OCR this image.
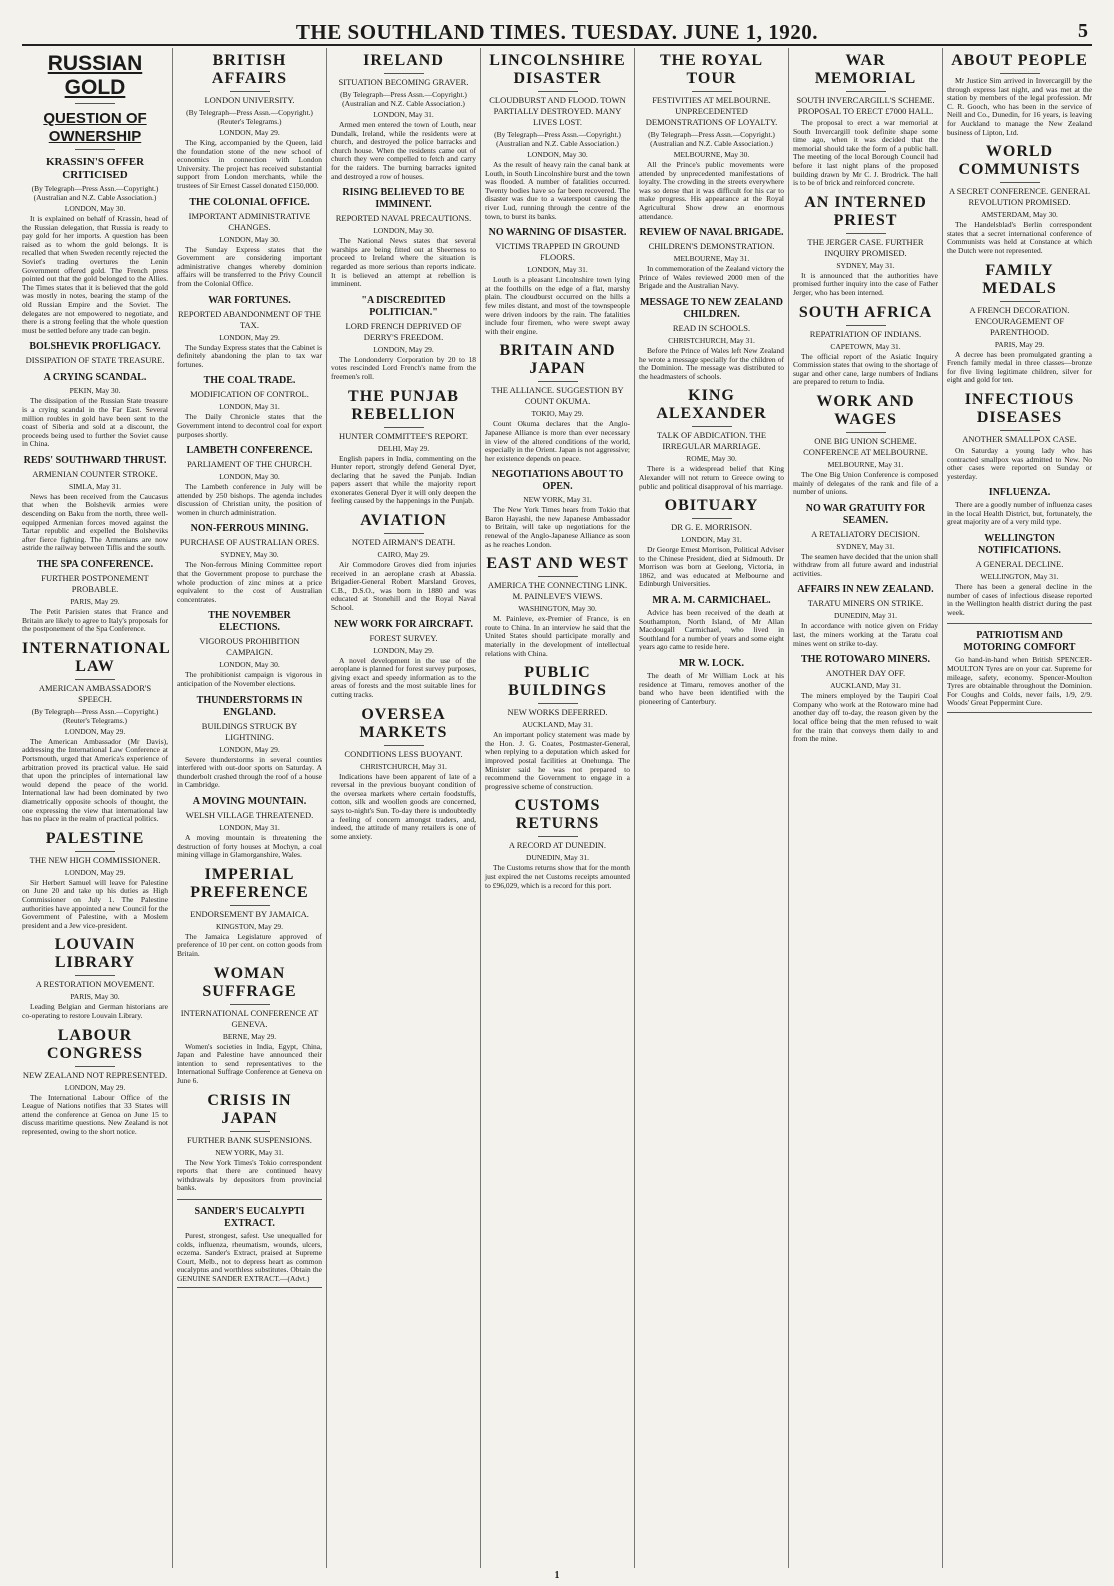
THE SOUTHLAND TIMES. TUESDAY. JUNE 1, 1920.	5
RUSSIAN GOLD
QUESTION OF OWNERSHIP
KRASSIN'S OFFER CRITICISED
(By Telegraph—Press Assn.—Copyright.) (Australian and N.Z. Cable Association.)
LONDON, May 30.
It is explained on behalf of Krassin, head of the Russian delegation, that Russia is ready to pay gold for her imports. A question has been raised as to whom the gold belongs. It is recalled that when Sweden recently rejected the Soviet's trading overtures the Lenin Government offered gold. The French press pointed out that the gold belonged to the Allies. The Times states that it is believed that the gold was mostly in notes, bearing the stamp of the old Russian Empire and the Soviet. The delegates are not empowered to negotiate, and there is a strong feeling that the whole question must be settled before any trade can begin.
BOLSHEVIK PROFLIGACY.
DISSIPATION OF STATE TREASURE.
A CRYING SCANDAL.
PEKIN, May 30.
The dissipation of the Russian State treasure is a crying scandal in the Far East. Several million roubles in gold have been sent to the coast of Siberia and sold at a discount, the proceeds being used to further the Soviet cause in China.
REDS' SOUTHWARD THRUST.
ARMENIAN COUNTER STROKE.
SIMLA, May 31.
News has been received from the Caucasus that when the Bolshevik armies were descending on Baku from the north, three well-equipped Armenian forces moved against the Tartar republic and expelled the Bolsheviks after fierce fighting. The Armenians are now astride the railway between Tiflis and the south.
THE SPA CONFERENCE.
FURTHER POSTPONEMENT PROBABLE.
PARIS, May 29.
The Petit Parisien states that France and Britain are likely to agree to Italy's proposals for the postponement of the Spa Conference.
INTERNATIONAL LAW
AMERICAN AMBASSADOR'S SPEECH.
(By Telegraph—Press Assn.—Copyright.) (Reuter's Telegrams.)
LONDON, May 29.
The American Ambassador (Mr Davis), addressing the International Law Conference at Portsmouth, urged that America's experience of arbitration proved its practical value. He said that upon the principles of international law would depend the peace of the world. International law had been dominated by two diametrically opposite schools of thought, the one expressing the view that international law has no place in the realm of practical politics.
PALESTINE
THE NEW HIGH COMMISSIONER.
LONDON, May 29.
Sir Herbert Samuel will leave for Palestine on June 20 and take up his duties as High Commissioner on July 1. The Palestine authorities have appointed a new Council for the Government of Palestine, with a Moslem president and a Jew vice-president.
LOUVAIN LIBRARY
A RESTORATION MOVEMENT.
PARIS, May 30.
Leading Belgian and German historians are co-operating to restore Louvain Library.
LABOUR CONGRESS
NEW ZEALAND NOT REPRESENTED.
LONDON, May 29.
The International Labour Office of the League of Nations notifies that 33 States will attend the conference at Genoa on June 15 to discuss maritime questions. New Zealand is not represented, owing to the short notice.
BRITISH AFFAIRS
LONDON UNIVERSITY.
(By Telegraph—Press Assn.—Copyright.) (Reuter's Telegrams.)
LONDON, May 29.
The King, accompanied by the Queen, laid the foundation stone of the new school of economics in connection with London University. The project has received substantial support from London merchants, while the trustees of Sir Ernest Cassel donated £150,000.
THE COLONIAL OFFICE.
IMPORTANT ADMINISTRATIVE CHANGES.
LONDON, May 30.
The Sunday Express states that the Government are considering important administrative changes whereby dominion affairs will be transferred to the Privy Council from the Colonial Office.
WAR FORTUNES.
REPORTED ABANDONMENT OF THE TAX.
LONDON, May 29.
The Sunday Express states that the Cabinet is definitely abandoning the plan to tax war fortunes.
THE COAL TRADE.
MODIFICATION OF CONTROL.
LONDON, May 31.
The Daily Chronicle states that the Government intend to decontrol coal for export purposes shortly.
LAMBETH CONFERENCE.
PARLIAMENT OF THE CHURCH.
LONDON, May 30.
The Lambeth conference in July will be attended by 250 bishops. The agenda includes discussion of Christian unity, the position of women in church administration.
NON-FERROUS MINING.
PURCHASE OF AUSTRALIAN ORES.
SYDNEY, May 30.
The Non-ferrous Mining Committee report that the Government propose to purchase the whole production of zinc mines at a price equivalent to the cost of Australian concentrates.
THE NOVEMBER ELECTIONS.
VIGOROUS PROHIBITION CAMPAIGN.
LONDON, May 30.
The prohibitionist campaign is vigorous in anticipation of the November elections.
THUNDERSTORMS IN ENGLAND.
BUILDINGS STRUCK BY LIGHTNING.
LONDON, May 29.
Severe thunderstorms in several counties interfered with out-door sports on Saturday. A thunderbolt crashed through the roof of a house in Cambridge.
A MOVING MOUNTAIN.
WELSH VILLAGE THREATENED.
LONDON, May 31.
A moving mountain is threatening the destruction of forty houses at Mochyn, a coal mining village in Glamorganshire, Wales.
IMPERIAL PREFERENCE
ENDORSEMENT BY JAMAICA.
KINGSTON, May 29.
The Jamaica Legislature approved of preference of 10 per cent. on cotton goods from Britain.
WOMAN SUFFRAGE
INTERNATIONAL CONFERENCE AT GENEVA.
BERNE, May 29.
Women's societies in India, Egypt, China, Japan and Palestine have announced their intention to send representatives to the International Suffrage Conference at Geneva on June 6.
CRISIS IN JAPAN
FURTHER BANK SUSPENSIONS.
NEW YORK, May 31.
The New York Times's Tokio correspondent reports that there are continued heavy withdrawals by depositors from provincial banks.
SANDER'S EUCALYPTI EXTRACT.
Purest, strongest, safest. Use unequalled for colds, influenza, rheumatism, wounds, ulcers, eczema. Sander's Extract, praised at Supreme Court, Melb., not to depress heart as common eucalyptus and worthless substitutes. Obtain the GENUINE SANDER EXTRACT.—(Advt.)
IRELAND
SITUATION BECOMING GRAVER.
(By Telegraph—Press Assn.—Copyright.) (Australian and N.Z. Cable Association.)
LONDON, May 31.
Armed men entered the town of Louth, near Dundalk, Ireland, while the residents were at church, and destroyed the police barracks and church house. When the residents came out of church they were compelled to fetch and carry for the raiders. The burning barracks ignited and destroyed a row of houses.
RISING BELIEVED TO BE IMMINENT.
REPORTED NAVAL PRECAUTIONS.
LONDON, May 30.
The National News states that several warships are being fitted out at Sheerness to proceed to Ireland where the situation is regarded as more serious than reports indicate. It is believed an attempt at rebellion is imminent.
"A DISCREDITED POLITICIAN."
LORD FRENCH DEPRIVED OF DERRY'S FREEDOM.
LONDON, May 29.
The Londonderry Corporation by 20 to 18 votes rescinded Lord French's name from the freemen's roll.
THE PUNJAB REBELLION
HUNTER COMMITTEE'S REPORT.
DELHI, May 29.
English papers in India, commenting on the Hunter report, strongly defend General Dyer, declaring that he saved the Punjab. Indian papers assert that while the majority report exonerates General Dyer it will only deepen the feeling caused by the happenings in the Punjab.
AVIATION
NOTED AIRMAN'S DEATH.
CAIRO, May 29.
Air Commodore Groves died from injuries received in an aeroplane crash at Abassia. Brigadier-General Robert Marsland Groves, C.B., D.S.O., was born in 1880 and was educated at Stonehill and the Royal Naval School.
NEW WORK FOR AIRCRAFT.
FOREST SURVEY.
LONDON, May 29.
A novel development in the use of the aeroplane is planned for forest survey purposes, giving exact and speedy information as to the areas of forests and the most suitable lines for cutting tracks.
OVERSEA MARKETS
CONDITIONS LESS BUOYANT.
CHRISTCHURCH, May 31.
Indications have been apparent of late of a reversal in the previous buoyant condition of the oversea markets where certain foodstuffs, cotton, silk and woollen goods are concerned, says to-night's Sun. To-day there is undoubtedly a feeling of concern amongst traders, and, indeed, the attitude of many retailers is one of some anxiety.
LINCOLNSHIRE DISASTER
CLOUDBURST AND FLOOD. TOWN PARTIALLY DESTROYED. MANY LIVES LOST.
(By Telegraph—Press Assn.—Copyright.) (Australian and N.Z. Cable Association.)
LONDON, May 30.
As the result of heavy rain the canal bank at Louth, in South Lincolnshire burst and the town was flooded. A number of fatalities occurred. Twenty bodies have so far been recovered. The disaster was due to a waterspout causing the river Lud, running through the centre of the town, to burst its banks.
NO WARNING OF DISASTER.
VICTIMS TRAPPED IN GROUND FLOORS.
LONDON, May 31.
Louth is a pleasant Lincolnshire town lying at the foothills on the edge of a flat, marshy plain. The cloudburst occurred on the hills a few miles distant, and most of the townspeople were driven indoors by the rain. The fatalities include four firemen, who were swept away with their engine.
BRITAIN AND JAPAN
THE ALLIANCE. SUGGESTION BY COUNT OKUMA.
TOKIO, May 29.
Count Okuma declares that the Anglo-Japanese Alliance is more than ever necessary in view of the altered conditions of the world, especially in the Orient. Japan is not aggressive; her existence depends on peace.
NEGOTIATIONS ABOUT TO OPEN.
NEW YORK, May 31.
The New York Times hears from Tokio that Baron Hayashi, the new Japanese Ambassador to Britain, will take up negotiations for the renewal of the Anglo-Japanese Alliance as soon as he reaches London.
EAST AND WEST
AMERICA THE CONNECTING LINK. M. PAINLEVE'S VIEWS.
WASHINGTON, May 30.
M. Painleve, ex-Premier of France, is en route to China. In an interview he said that the United States should participate morally and materially in the development of intellectual relations with China.
PUBLIC BUILDINGS
NEW WORKS DEFERRED.
AUCKLAND, May 31.
An important policy statement was made by the Hon. J. G. Coates, Postmaster-General, when replying to a deputation which asked for improved postal facilities at Onehunga. The Minister said he was not prepared to recommend the Government to engage in a progressive scheme of construction.
CUSTOMS RETURNS
A RECORD AT DUNEDIN.
DUNEDIN, May 31.
The Customs returns show that for the month just expired the net Customs receipts amounted to £96,029, which is a record for this port.
THE ROYAL TOUR
FESTIVITIES AT MELBOURNE. UNPRECEDENTED DEMONSTRATIONS OF LOYALTY.
(By Telegraph—Press Assn.—Copyright.) (Australian and N.Z. Cable Association.)
MELBOURNE, May 30.
All the Prince's public movements were attended by unprecedented manifestations of loyalty. The crowding in the streets everywhere was so dense that it was difficult for his car to make progress. His appearance at the Royal Agricultural Show drew an enormous attendance.
REVIEW OF NAVAL BRIGADE.
CHILDREN'S DEMONSTRATION.
MELBOURNE, May 31.
In commemoration of the Zealand victory the Prince of Wales reviewed 2000 men of the Brigade and the Australian Navy.
MESSAGE TO NEW ZEALAND CHILDREN.
READ IN SCHOOLS.
CHRISTCHURCH, May 31.
Before the Prince of Wales left New Zealand he wrote a message specially for the children of the Dominion. The message was distributed to the headmasters of schools.
KING ALEXANDER
TALK OF ABDICATION. THE IRREGULAR MARRIAGE.
ROME, May 30.
There is a widespread belief that King Alexander will not return to Greece owing to public and political disapproval of his marriage.
OBITUARY
DR G. E. MORRISON.
LONDON, May 31.
Dr George Ernest Morrison, Political Adviser to the Chinese President, died at Sidmouth. Dr Morrison was born at Geelong, Victoria, in 1862, and was educated at Melbourne and Edinburgh Universities.
MR A. M. CARMICHAEL.
Advice has been received of the death at Southampton, North Island, of Mr Allan Macdougall Carmichael, who lived in Southland for a number of years and some eight years ago came to reside here.
MR W. LOCK.
The death of Mr William Lock at his residence at Timaru, removes another of the band who have been identified with the pioneering of Canterbury.
WAR MEMORIAL
SOUTH INVERCARGILL'S SCHEME. PROPOSAL TO ERECT £7000 HALL.
The proposal to erect a war memorial at South Invercargill took definite shape some time ago, when it was decided that the memorial should take the form of a public hall. The meeting of the local Borough Council had before it last night plans of the proposed building drawn by Mr C. J. Brodrick. The hall is to be of brick and reinforced concrete.
AN INTERNED PRIEST
THE JERGER CASE. FURTHER INQUIRY PROMISED.
SYDNEY, May 31.
It is announced that the authorities have promised further inquiry into the case of Father Jerger, who has been interned.
SOUTH AFRICA
REPATRIATION OF INDIANS.
CAPETOWN, May 31.
The official report of the Asiatic Inquiry Commission states that owing to the shortage of sugar and other cane, large numbers of Indians are prepared to return to India.
WORK AND WAGES
ONE BIG UNION SCHEME. CONFERENCE AT MELBOURNE.
MELBOURNE, May 31.
The One Big Union Conference is composed mainly of delegates of the rank and file of a number of unions.
NO WAR GRATUITY FOR SEAMEN.
A RETALIATORY DECISION.
SYDNEY, May 31.
The seamen have decided that the union shall withdraw from all future award and industrial activities.
AFFAIRS IN NEW ZEALAND.
TARATU MINERS ON STRIKE.
DUNEDIN, May 31.
In accordance with notice given on Friday last, the miners working at the Taratu coal mines went on strike to-day.
THE ROTOWARO MINERS.
ANOTHER DAY OFF.
AUCKLAND, May 31.
The miners employed by the Taupiri Coal Company who work at the Rotowaro mine had another day off to-day, the reason given by the local office being that the men refused to wait for the train that conveys them daily to and from the mine.
ABOUT PEOPLE
Mr Justice Sim arrived in Invercargill by the through express last night, and was met at the station by members of the legal profession. Mr C. R. Gooch, who has been in the service of Neill and Co., Dunedin, for 16 years, is leaving for Auckland to manage the New Zealand business of Lipton, Ltd.
WORLD COMMUNISTS
A SECRET CONFERENCE. GENERAL REVOLUTION PROMISED.
AMSTERDAM, May 30.
The Handelsblad's Berlin correspondent states that a secret international conference of Communists was held at Constance at which the Dutch were not represented.
FAMILY MEDALS
A FRENCH DECORATION. ENCOURAGEMENT OF PARENTHOOD.
PARIS, May 29.
A decree has been promulgated granting a French family medal in three classes—bronze for five living legitimate children, silver for eight and gold for ten.
INFECTIOUS DISEASES
ANOTHER SMALLPOX CASE.
On Saturday a young lady who has contracted smallpox was admitted to New. No other cases were reported on Sunday or yesterday.
INFLUENZA.
There are a goodly number of influenza cases in the local Health District, but, fortunately, the great majority are of a very mild type.
WELLINGTON NOTIFICATIONS.
A GENERAL DECLINE.
WELLINGTON, May 31.
There has been a general decline in the number of cases of infectious disease reported in the Wellington health district during the past week.
PATRIOTISM AND MOTORING COMFORT
Go hand-in-hand when British SPENCER-MOULTON Tyres are on your car. Supreme for mileage, safety, economy. Spencer-Moulton Tyres are obtainable throughout the Dominion. For Coughs and Colds, never fails, 1/9, 2/9. Woods' Great Peppermint Cure.
1
